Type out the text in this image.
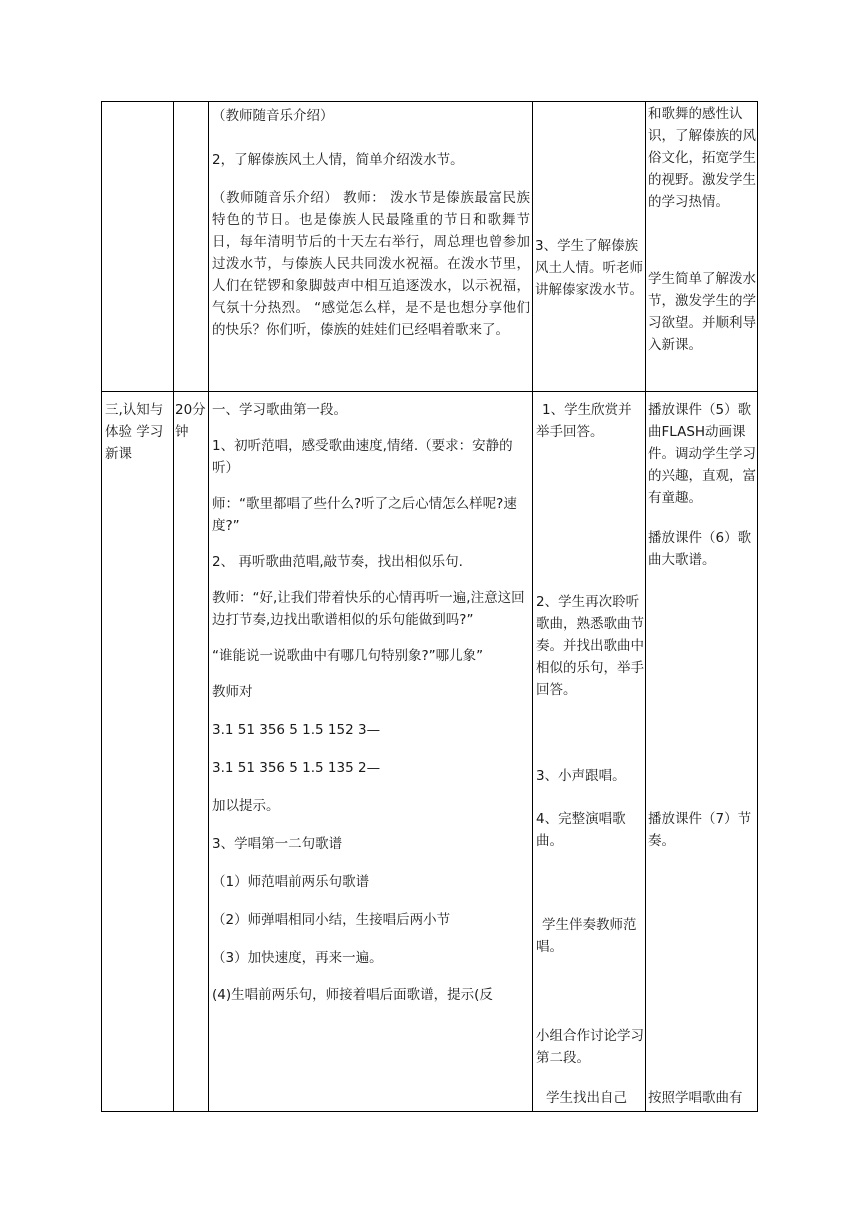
（教师随音乐介绍）

2，了解傣族风土人情，简单介绍泼水节。

（教师随音乐介绍） 教师： 泼水节是傣族最富民族特色的节日。也是傣族人民最隆重的节日和歌舞节日，每年清明节后的十天左右举行，周总理也曾参加过泼水节，与傣族人民共同泼水祝福。在泼水节里，人们在铓锣和象脚鼓声中相互追逐泼水，以示祝福，气氛十分热烈。 “感觉怎么样，是不是也想分享他们的快乐？你们听，傣族的娃娃们已经唱着歌来了。

3、学生了解傣族风土人情。听老师讲解傣家泼水节。

和歌舞的感性认识，了解傣族的风俗文化，拓宽学生的视野。激发学生的学习热情。

学生简单了解泼水节，激发学生的学习欲望。并顺利导入新课。

三,认知与体验 学习新课

20分钟

一、学习歌曲第一段。

1、初听范唱，感受歌曲速度,情绪.（要求：安静的听）

师：“歌里都唱了些什么?听了之后心情怎么样呢?速度?”

2、 再听歌曲范唱,敲节奏，找出相似乐句.

教师：“好,让我们带着快乐的心情再听一遍,注意这回边打节奏,边找出歌谱相似的乐句能做到吗?”

“谁能说一说歌曲中有哪几句特别象?”哪儿象”

教师对

3.1 51 356 5 1.5 152 3—

3.1 51 356 5 1.5 135 2—

加以提示。

3、学唱第一二句歌谱

（1）师范唱前两乐句歌谱

（2）师弹唱相同小结，生接唱后两小节

（3）加快速度，再来一遍。

(4)生唱前两乐句，师接着唱后面歌谱，提示(反

1、学生欣赏并举手回答。

2、学生再次聆听歌曲，熟悉歌曲节奏。并找出歌曲中相似的乐句，举手回答。

3、小声跟唱。

4、完整演唱歌曲。

学生伴奏教师范唱。

小组合作讨论学习第二段。

学生找出自己

播放课件（5）歌曲FLASH动画课件。调动学生学习的兴趣，直观，富有童趣。

播放课件（6）歌曲大歌谱。

播放课件（7）节奏。

按照学唱歌曲有
